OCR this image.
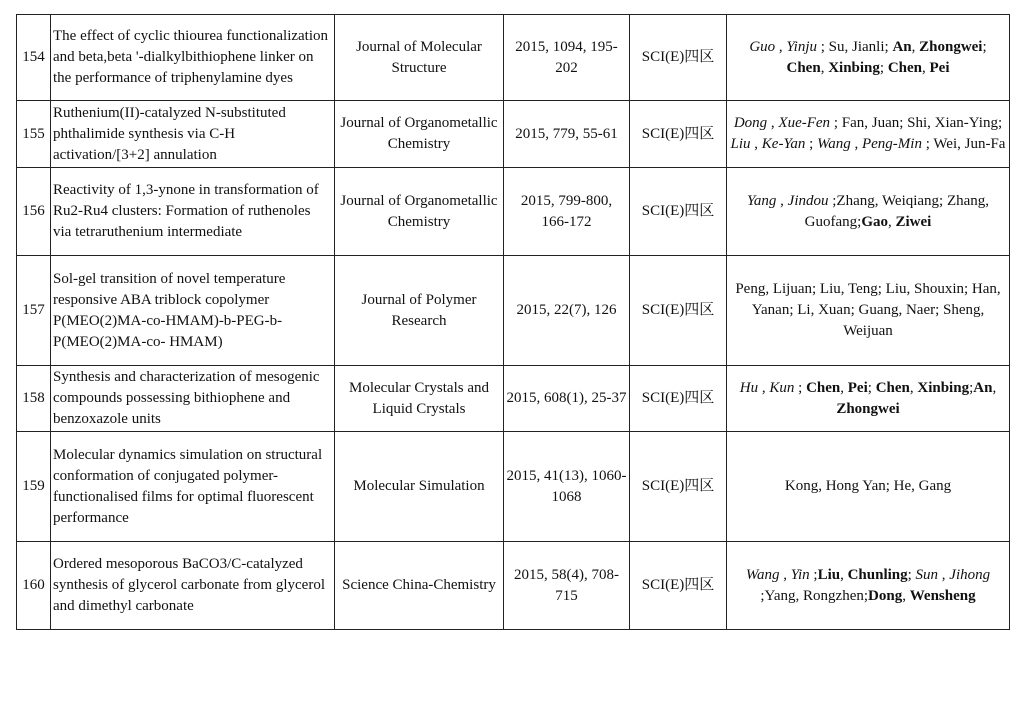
154	The effect of cyclic thiourea functionalization and beta,beta '-dialkylbithiophene linker on the performance of triphenylamine dyes	Journal of Molecular Structure	2015, 1094, 195-202	SCI(E)四区	Guo , Yinju ; Su, Jianli; An, Zhongwei; Chen, Xinbing; Chen, Pei
155	Ruthenium(II)-catalyzed N-substituted phthalimide synthesis via C-H activation/[3+2] annulation	Journal of Organometallic Chemistry	2015, 779, 55-61	SCI(E)四区	Dong , Xue-Fen ; Fan, Juan; Shi, Xian-Ying; Liu , Ke-Yan ; Wang , Peng-Min ; Wei, Jun-Fa
156	Reactivity of 1,3-ynone in transformation of Ru2-Ru4 clusters: Formation of ruthenoles via tetraruthenium intermediate	Journal of Organometallic Chemistry	2015, 799-800, 166-172	SCI(E)四区	Yang , Jindou ;Zhang, Weiqiang; Zhang, Guofang;Gao, Ziwei
157	Sol-gel transition of novel temperature responsive ABA triblock copolymer P(MEO(2)MA-co-HMAM)-b-PEG-b-P(MEO(2)MA-co- HMAM)	Journal of Polymer Research	2015, 22(7), 126	SCI(E)四区	Peng, Lijuan; Liu, Teng; Liu, Shouxin; Han, Yanan; Li, Xuan; Guang, Naer; Sheng, Weijuan
158	Synthesis and characterization of mesogenic compounds possessing bithiophene and benzoxazole units	Molecular Crystals and Liquid Crystals	2015, 608(1), 25-37	SCI(E)四区	Hu , Kun ; Chen, Pei; Chen, Xinbing;An, Zhongwei
159	Molecular dynamics simulation on structural conformation of conjugated polymer-functionalised films for optimal fluorescent performance	Molecular Simulation	2015, 41(13), 1060-1068	SCI(E)四区	Kong, Hong Yan; He, Gang
160	Ordered mesoporous BaCO3/C-catalyzed synthesis of glycerol carbonate from glycerol and dimethyl carbonate	Science China-Chemistry	2015, 58(4), 708-715	SCI(E)四区	Wang , Yin ;Liu, Chunling; Sun , Jihong ;Yang, Rongzhen;Dong, Wensheng
